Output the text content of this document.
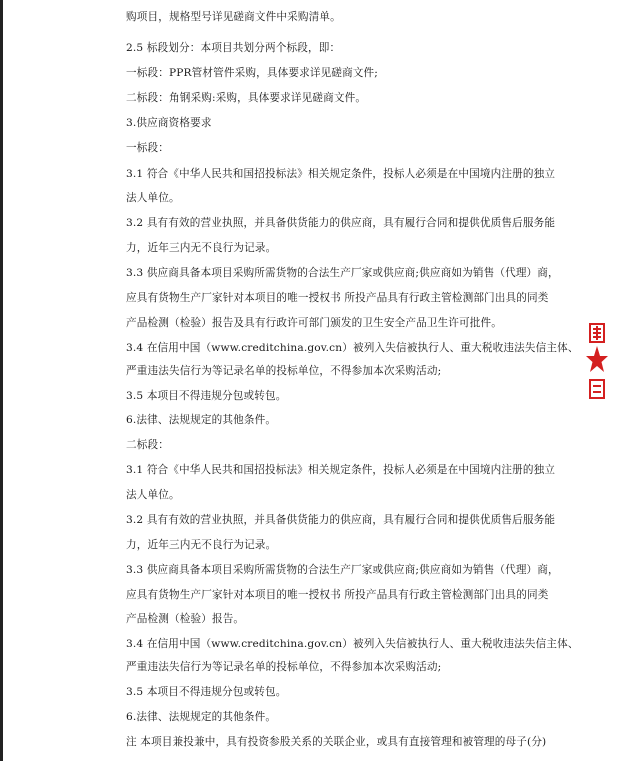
购项目，规格型号详见磋商文件中采购清单。
2.5 标段划分：本项目共划分两个标段，即：
一标段：PPR管材管件采购，具体要求详见磋商文件;
二标段：角钢采购:采购，具体要求详见磋商文件。
3.供应商资格要求
一标段：
3.1 符合《中华人民共和国招投标法》相关规定条件，投标人必须是在中国境内注册的独立
法人单位。
3.2 具有有效的营业执照，并具备供货能力的供应商，具有履行合同和提供优质售后服务能
力，近年三内无不良行为记录。
3.3 供应商具备本项目采购所需货物的合法生产厂家或供应商;供应商如为销售（代理）商，
应具有货物生产厂家针对本项目的唯一授权书 所投产品具有行政主管检测部门出具的同类
产品检测（检验）报告及具有行政许可部门颁发的卫生安全产品卫生许可批件。
3.4 在信用中国（www.creditchina.gov.cn）被列入失信被执行人、重大税收违法失信主体、
严重违法失信行为等记录名单的投标单位，不得参加本次采购活动;
3.5 本项目不得违规分包或转包。
6.法律、法规规定的其他条件。
二标段：
3.1 符合《中华人民共和国招投标法》相关规定条件，投标人必须是在中国境内注册的独立
法人单位。
3.2 具有有效的营业执照，并具备供货能力的供应商，具有履行合同和提供优质售后服务能
力，近年三内无不良行为记录。
3.3 供应商具备本项目采购所需货物的合法生产厂家或供应商;供应商如为销售（代理）商，
应具有货物生产厂家针对本项目的唯一授权书 所投产品具有行政主管检测部门出具的同类
产品检测（检验）报告。
3.4 在信用中国（www.creditchina.gov.cn）被列入失信被执行人、重大税收违法失信主体、
严重违法失信行为等记录名单的投标单位，不得参加本次采购活动;
3.5 本项目不得违规分包或转包。
6.法律、法规规定的其他条件。
注 本项目兼投兼中，具有投资参股关系的关联企业，或具有直接管理和被管理的母子(分)
